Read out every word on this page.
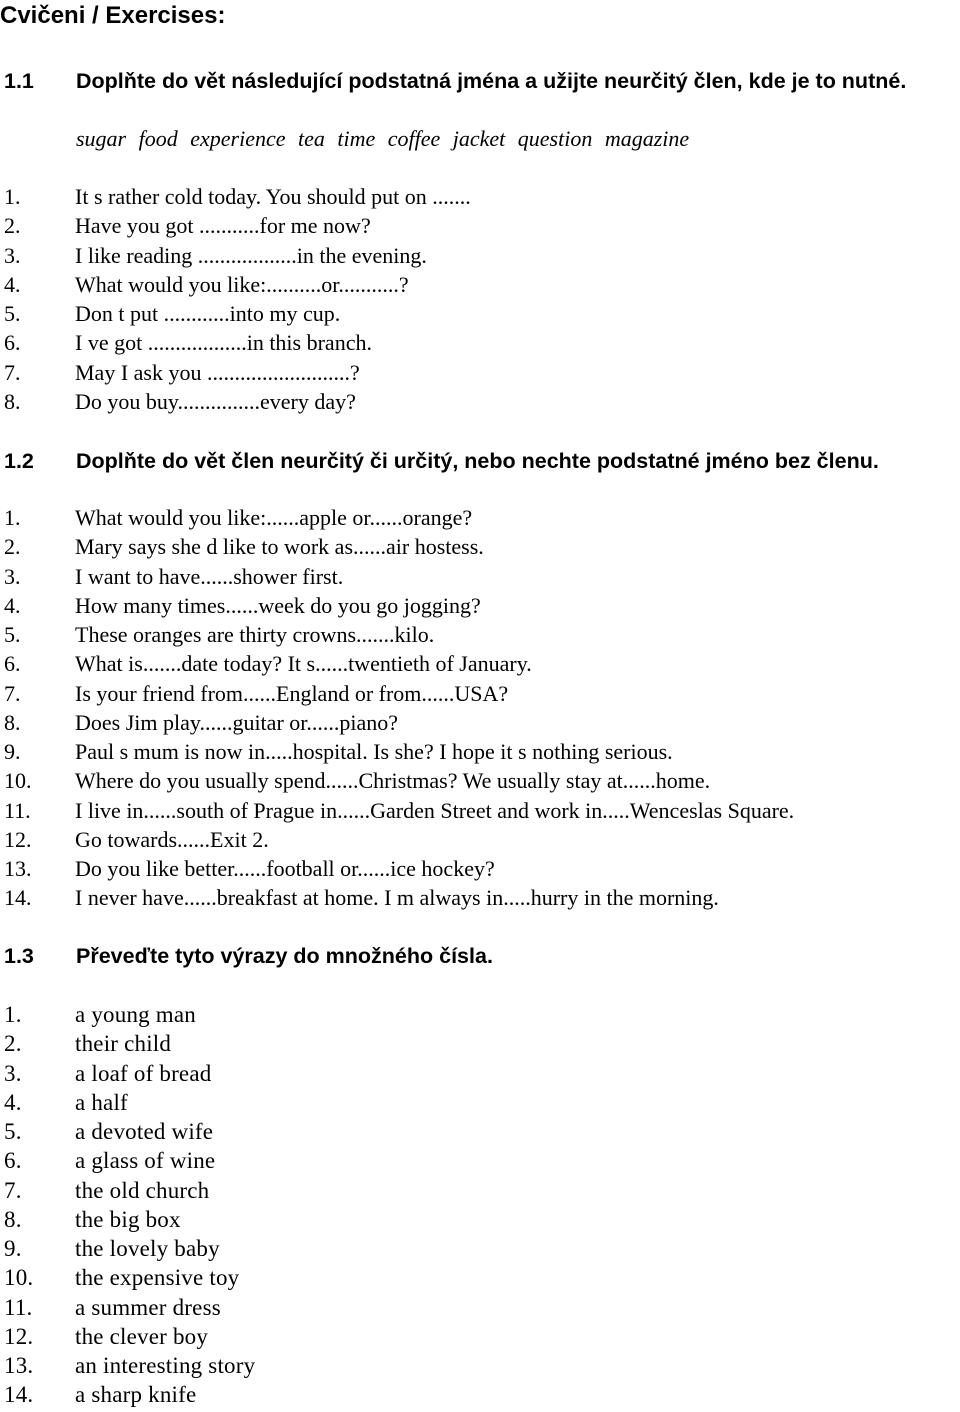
Cvičeni / Exercises:
1.1 Doplňte do vět následující podstatná jména a užijte neurčitý člen, kde je to nutné.
sugar food experience tea time coffee jacket question magazine
1. It s rather cold today. You should put on .......
2. Have you got ...........for me now?
3. I like reading ..................in the evening.
4. What would you like:..........or...........?
5. Don t put ............into my cup.
6. I ve got ..................in this branch.
7. May I ask you ..........................?
8. Do you buy...............every day?
1.2 Doplňte do vět člen neurčitý či určitý, nebo nechte podstatné jméno bez členu.
1. What would you like:......apple or......orange?
2. Mary says she d like to work as......air hostess.
3. I want to have......shower first.
4. How many times......week do you go jogging?
5. These oranges are thirty crowns.......kilo.
6. What is.......date today? It s......twentieth of January.
7. Is your friend from......England or from......USA?
8. Does Jim play......guitar or......piano?
9. Paul s mum is now in.....hospital. Is she? I hope it s nothing serious.
10. Where do you usually spend......Christmas? We usually stay at......home.
11. I live in......south of Prague in......Garden Street and work in.....Wenceslas Square.
12. Go towards......Exit 2.
13. Do you like better......football or......ice hockey?
14. I never have......breakfast at home. I m always in.....hurry in the morning.
1.3 Převeďte tyto výrazy do množného čísla.
1. a young man
2. their child
3. a loaf of bread
4. a half
5. a devoted wife
6. a glass of wine
7. the old church
8. the big box
9. the lovely baby
10. the expensive toy
11. a summer dress
12. the clever boy
13. an interesting story
14. a sharp knife
